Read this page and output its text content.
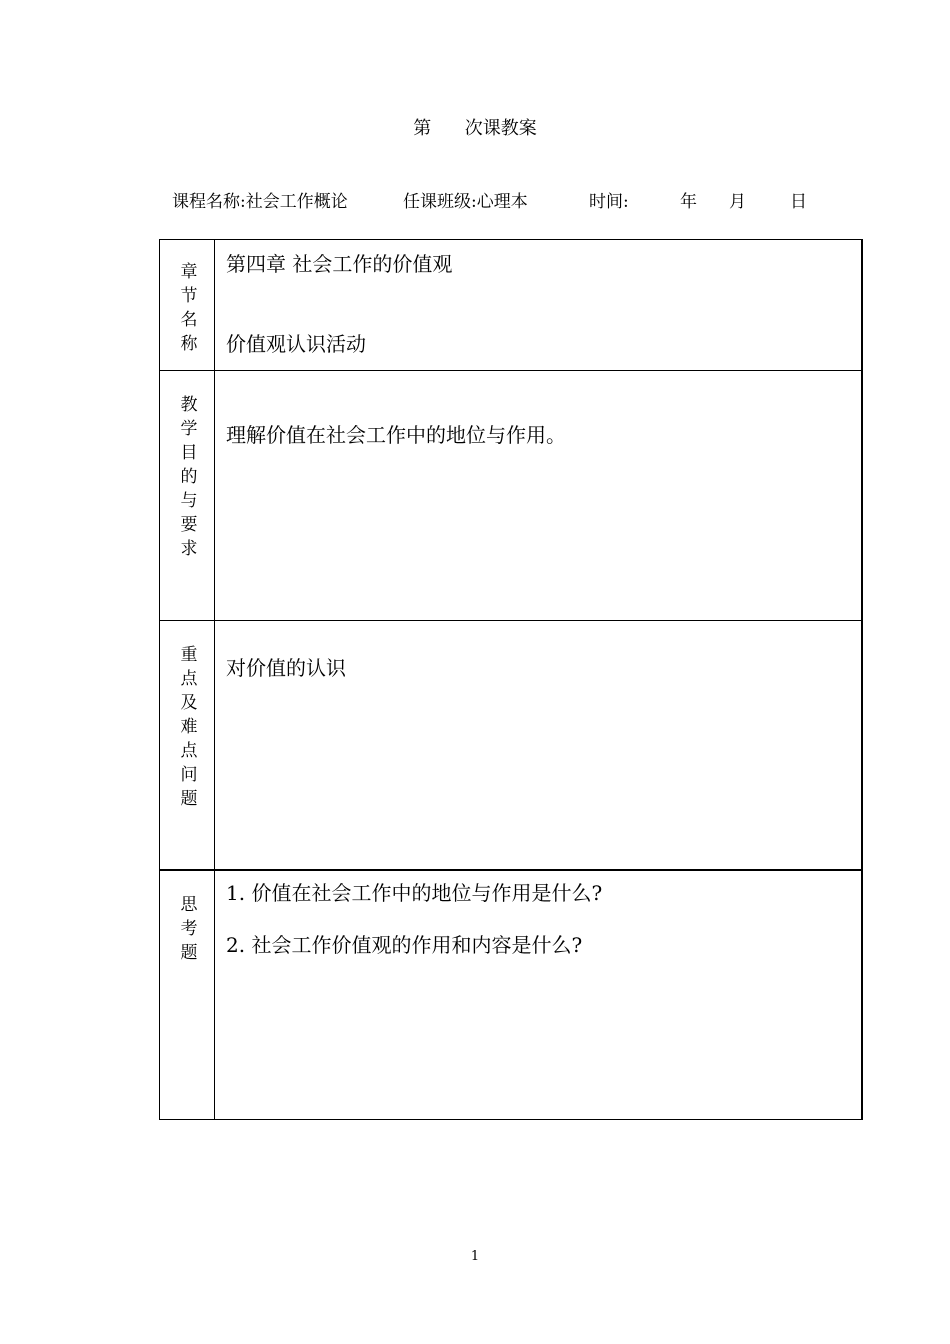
第 次课教案
课程名称:社会工作概论	任课班级:心理本	时间:	年 月	日
章节名称 第四章 社会工作的价值观
价值观认识活动
教学目的与要求 理解价值在社会工作中的地位与作用。
重点及难点问题 对价值的认识
思考题
1. 价值在社会工作中的地位与作用是什么?
2. 社会工作价值观的作用和内容是什么?
1
